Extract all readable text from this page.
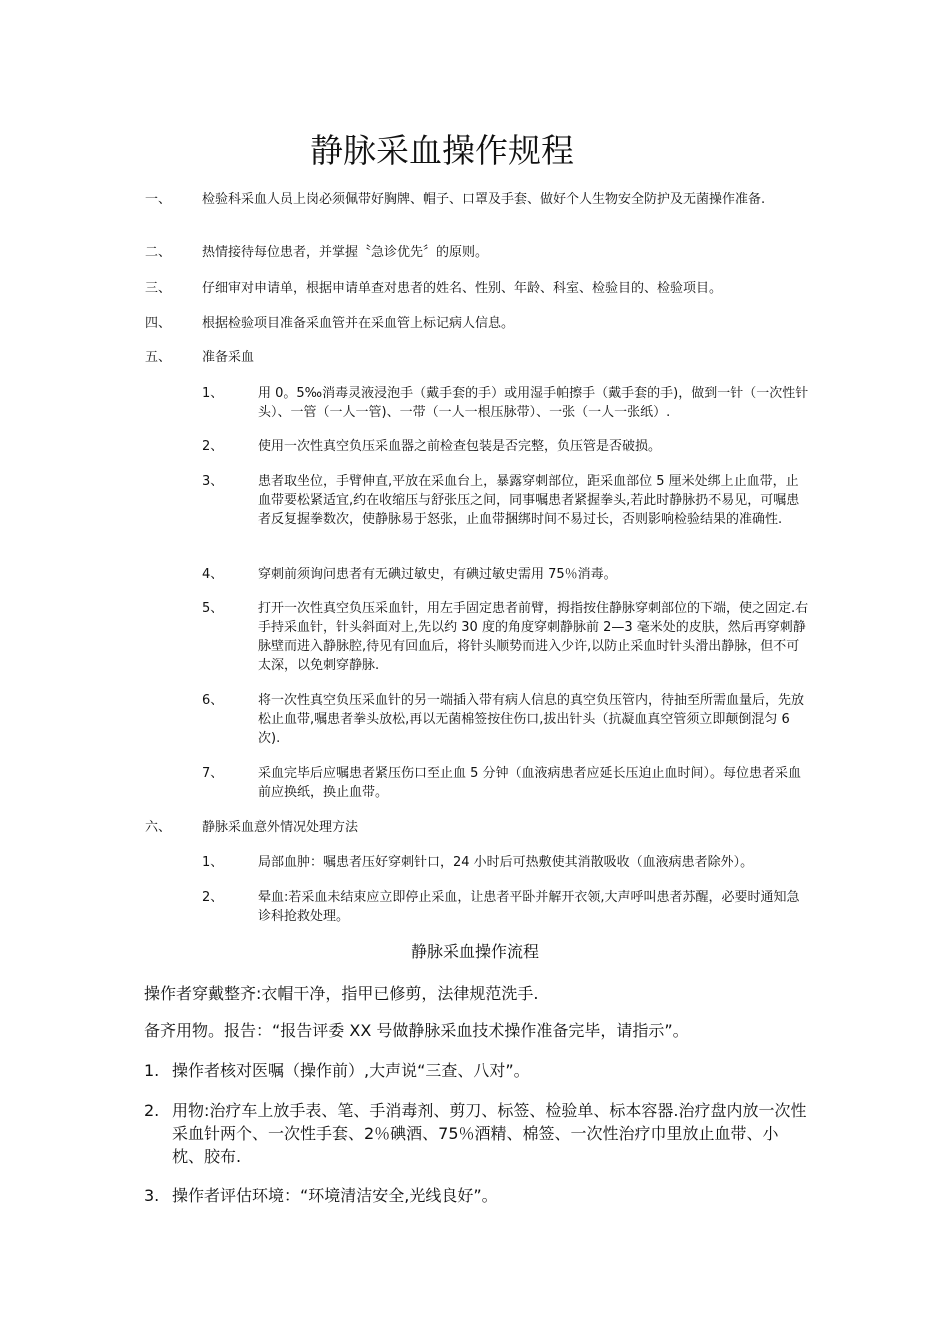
静脉采血操作规程
一、 检验科采血人员上岗必须佩带好胸牌、帽子、口罩及手套、做好个人生物安全防护及无菌操作准备.
二、 热情接待每位患者，并掌握〝急诊优先〞的原则。
三、 仔细审对申请单，根据申请单查对患者的姓名、性别、年龄、科室、检验目的、检验项目。
四、 根据检验项目准备采血管并在采血管上标记病人信息。
五、 准备采血
1、	用 0。5‰消毒灵液浸泡手（戴手套的手）或用湿手帕擦手（戴手套的手)，做到一针（一次性针头）、一管（一人一管)、一带（一人一根压脉带）、一张（一人一张纸）.
2、	使用一次性真空负压采血器之前检查包装是否完整，负压管是否破损。
3、	患者取坐位，手臂伸直,平放在采血台上，暴露穿刺部位，距采血部位 5 厘米处绑上止血带，止血带要松紧适宜,约在收缩压与舒张压之间，同事嘱患者紧握拳头,若此时静脉扔不易见，可嘱患者反复握拳数次，使静脉易于怒张，止血带捆绑时间不易过长，否则影响检验结果的准确性.
4、	穿刺前须询问患者有无碘过敏史，有碘过敏史需用 75％消毒。
5、	打开一次性真空负压采血针，用左手固定患者前臂，拇指按住静脉穿刺部位的下端，使之固定.右手持采血针，针头斜面对上,先以约 30 度的角度穿刺静脉前 2—3 毫米处的皮肤，然后再穿刺静脉壁而进入静脉腔,待见有回血后，将针头顺势而进入少许,以防止采血时针头滑出静脉，但不可太深，以免刺穿静脉.
6、	将一次性真空负压采血针的另一端插入带有病人信息的真空负压管内，待抽至所需血量后，先放松止血带,嘱患者拳头放松,再以无菌棉签按住伤口,拔出针头（抗凝血真空管须立即颠倒混匀 6 次).
7、	采血完毕后应嘱患者紧压伤口至止血 5 分钟（血液病患者应延长压迫止血时间）。每位患者采血前应换纸，换止血带。
六、 静脉采血意外情况处理方法
1、	局部血肿：嘱患者压好穿刺针口，24 小时后可热敷使其消散吸收（血液病患者除外）。
2、	晕血:若采血未结束应立即停止采血，让患者平卧并解开衣领,大声呼叫患者苏醒，必要时通知急诊科抢救处理。
静脉采血操作流程
操作者穿戴整齐:衣帽干净，指甲已修剪，法律规范洗手.
备齐用物。报告：“报告评委 XX 号做静脉采血技术操作准备完毕，请指示”。
1. 操作者核对医嘱（操作前）,大声说“三查、八对”。
2. 用物:治疗车上放手表、笔、手消毒剂、剪刀、标签、检验单、标本容器.治疗盘内放一次性采血针两个、一次性手套、2％碘酒、75％酒精、棉签、一次性治疗巾里放止血带、小枕、胶布.
3. 操作者评估环境：“环境清洁安全,光线良好”。
